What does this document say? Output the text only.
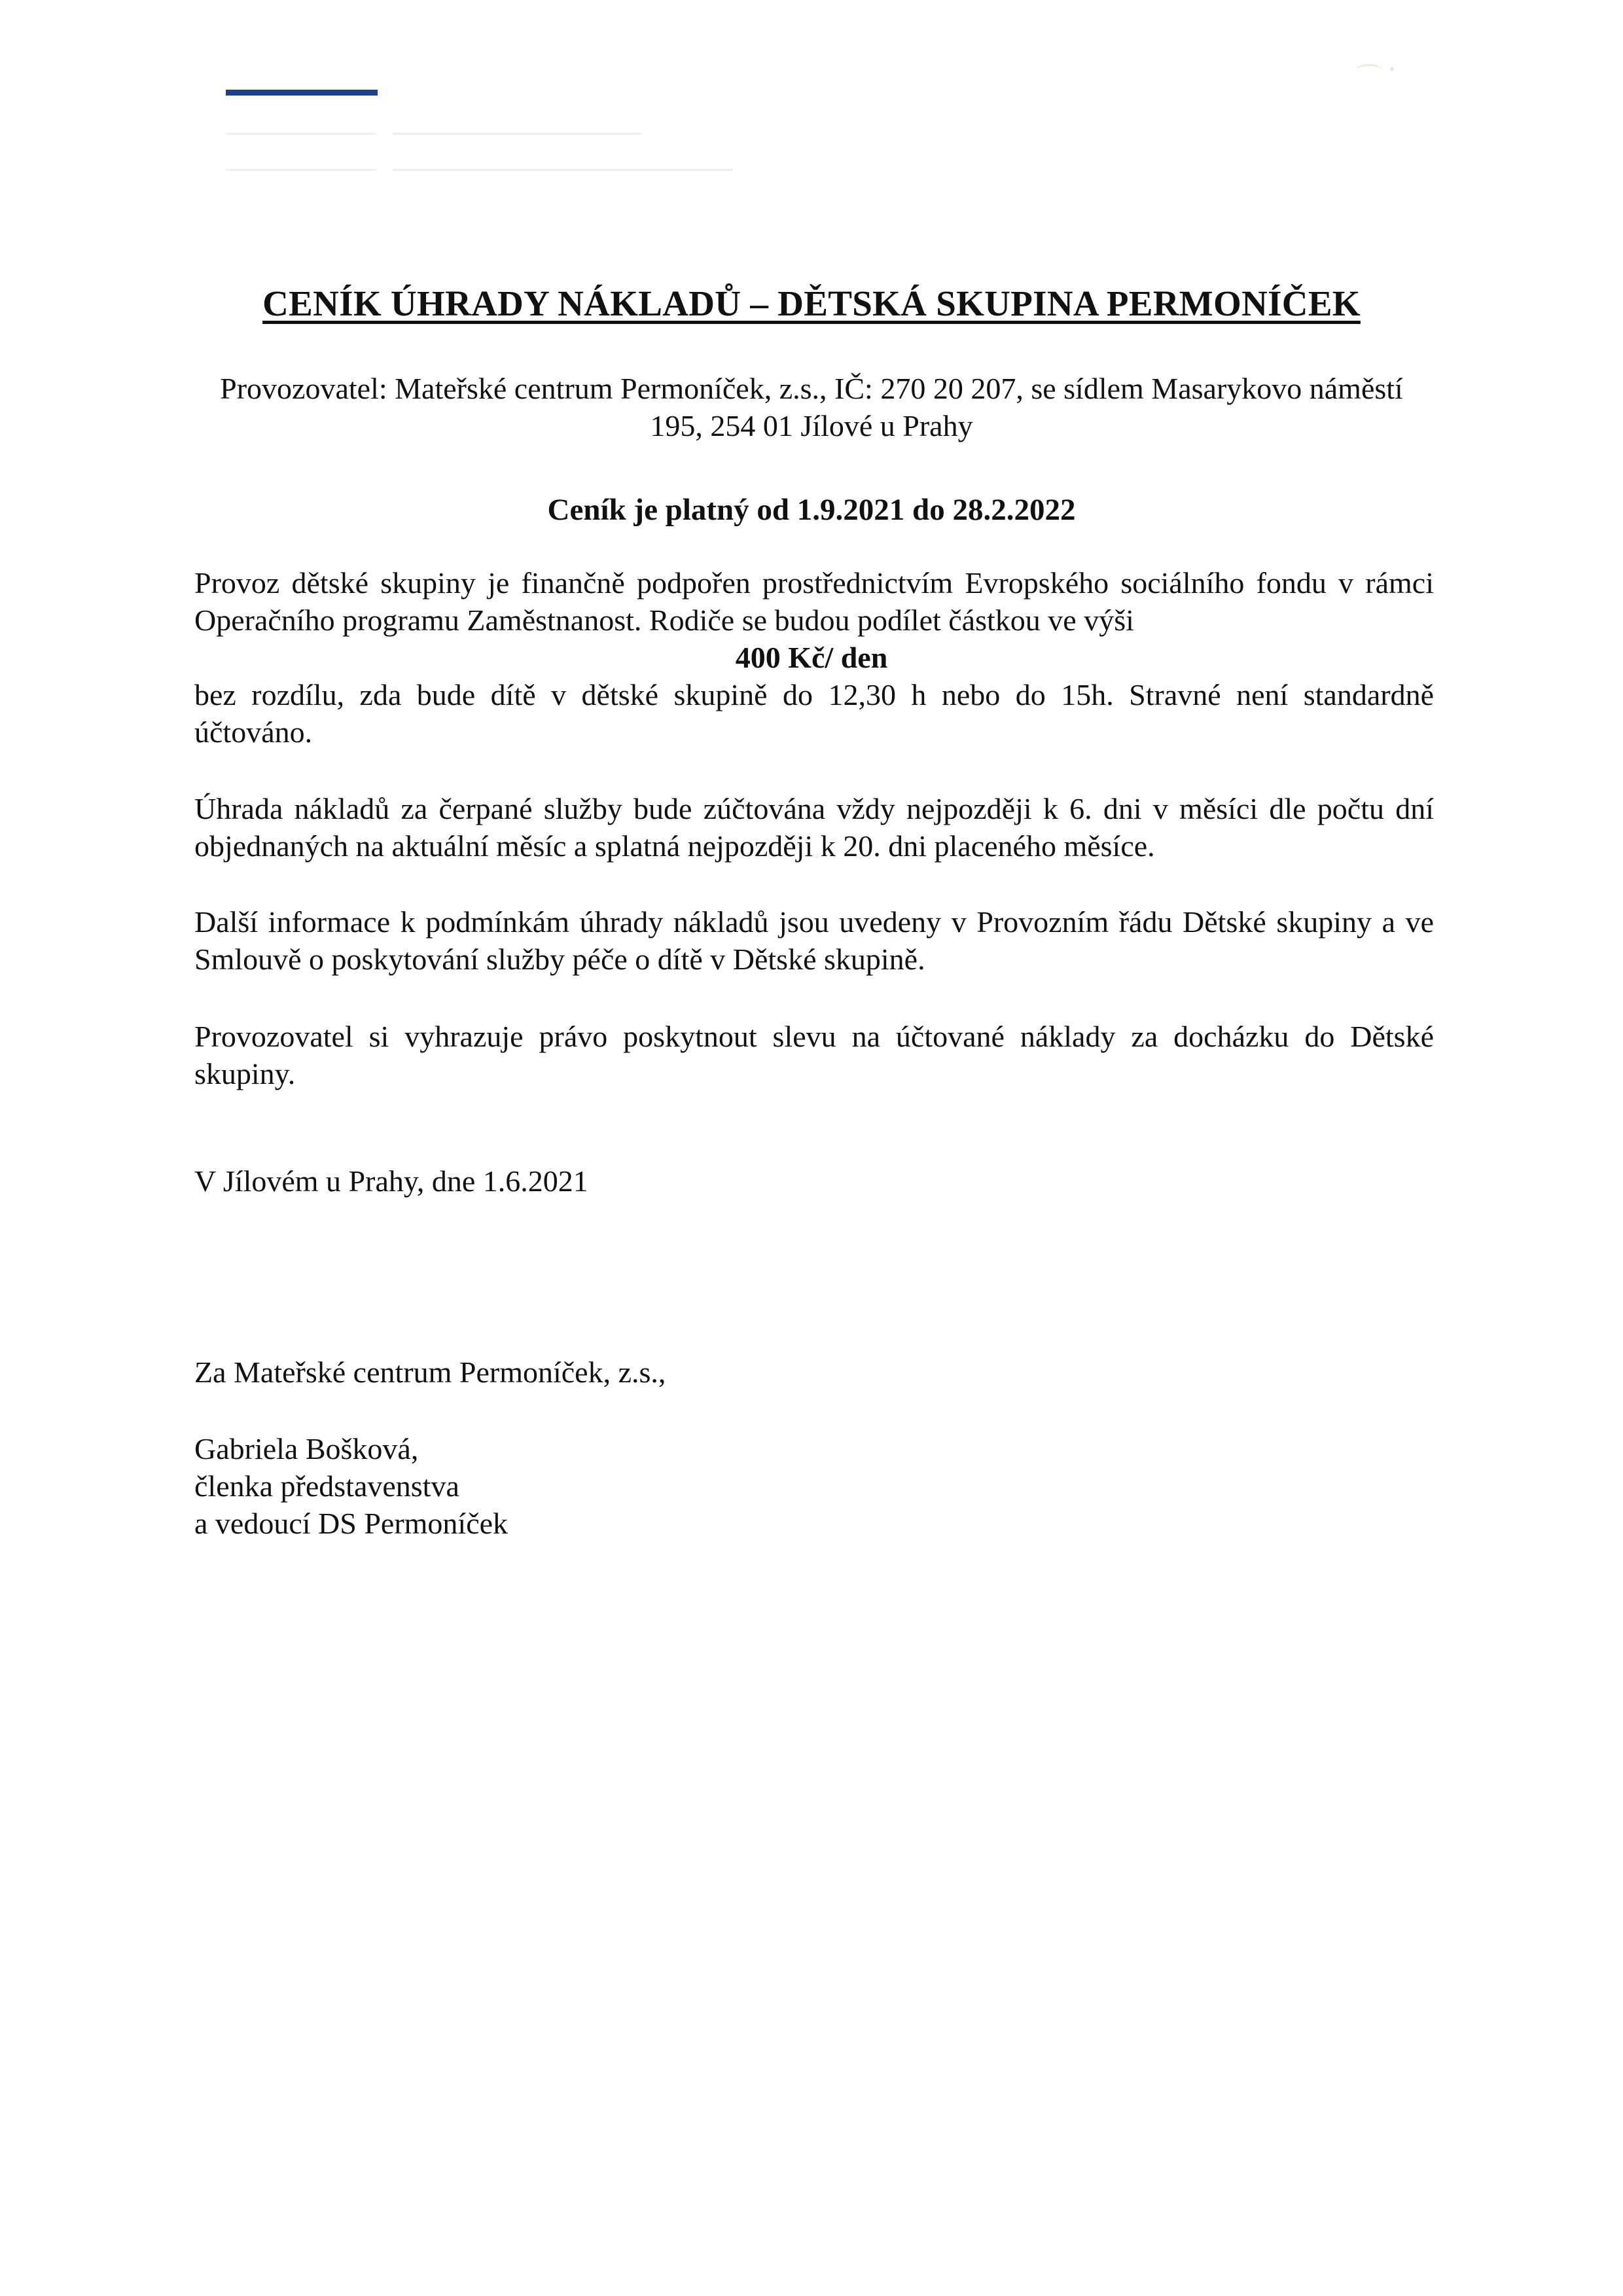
CENÍK ÚHRADY NÁKLADŮ – DĚTSKÁ SKUPINA PERMONÍČEK
Provozovatel: Mateřské centrum Permoníček, z.s., IČ: 270 20 207, se sídlem Masarykovo náměstí 195, 254 01 Jílové u Prahy
Ceník je platný od 1.9.2021 do 28.2.2022
Provoz dětské skupiny je finančně podpořen prostřednictvím Evropského sociálního fondu v rámci Operačního programu Zaměstnanost. Rodiče se budou podílet částkou ve výši
400 Kč/ den
bez rozdílu, zda bude dítě v dětské skupině do 12,30 h nebo do 15h. Stravné není standardně účtováno.
Úhrada nákladů za čerpané služby bude zúčtována vždy nejpozději k 6. dni v měsíci dle počtu dní objednaných na aktuální měsíc a splatná nejpozději k 20. dni placeného měsíce.
Další informace k podmínkám úhrady nákladů jsou uvedeny v Provozním řádu Dětské skupiny a ve Smlouvě o poskytování služby péče o dítě v Dětské skupině.
Provozovatel si vyhrazuje právo poskytnout slevu na účtované náklady za docházku do Dětské skupiny.
V Jílovém u Prahy, dne 1.6.2021
Za Mateřské centrum Permoníček, z.s.,
Gabriela Bošková,
členka představenstva
a vedoucí DS Permoníček
